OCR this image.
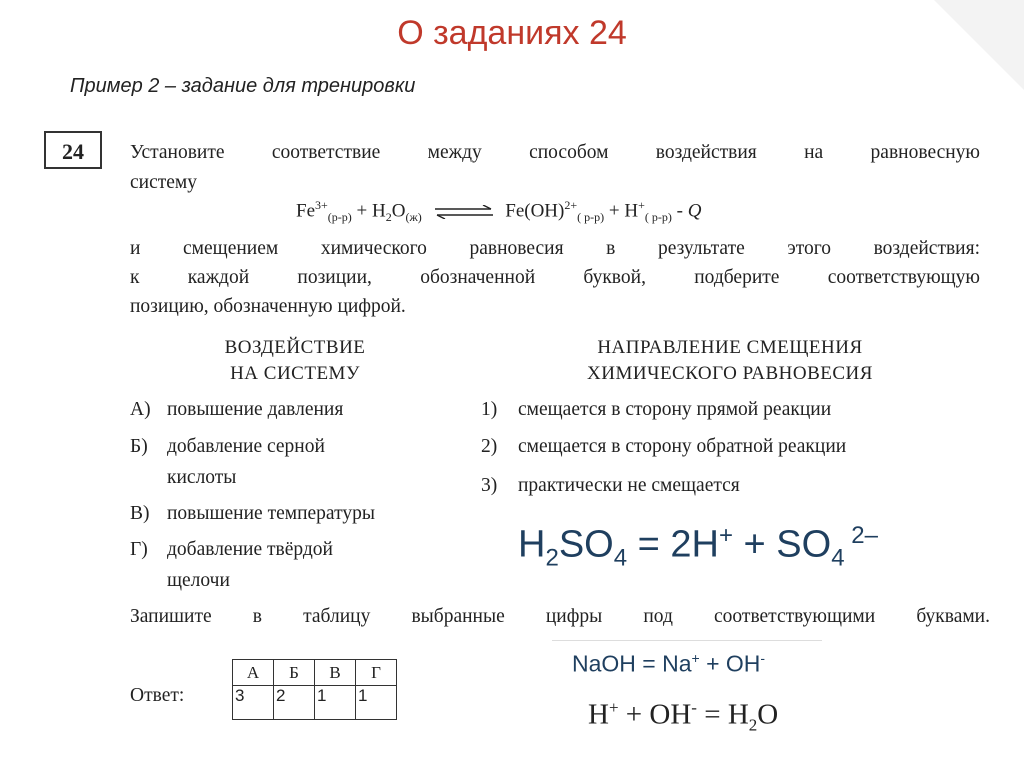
О заданиях 24
Пример 2 – задание для тренировки
24	Установите соответствие между способом воздействия на равновесную
систему
$Fe^{3+}_{(р-р)} + H_2O_{(ж)}$ ⇌ $Fe(OH)^{2+}_{( р-р)} + H^+_{( р-р)} - Q$
и смещением химического равновесия в результате этого воздействия:
к каждой позиции, обозначенной буквой, подберите соответствующую
позицию, обозначенную цифрой.
ВОЗДЕЙСТВИЕ
НА СИСТЕМУ
НАПРАВЛЕНИЕ СМЕЩЕНИЯ
ХИМИЧЕСКОГО РАВНОВЕСИЯ
А) повышение давления
Б) добавление серной
кислоты
В) повышение температуры
Г) добавление твёрдой
щелочи
1) смещается в сторону прямой реакции
2) смещается в сторону обратной реакции
3) практически не смещается
$H_2SO_4 = 2H^+ + SO_4$ $^{2-}$
Запишите в таблицу выбранные цифры под соответствующими буквами.
Ответ:
А	Б	В	Г
3	2	1	1
NaOH = Na+ + OH-
$H^+ + OH^- = H_2O$
